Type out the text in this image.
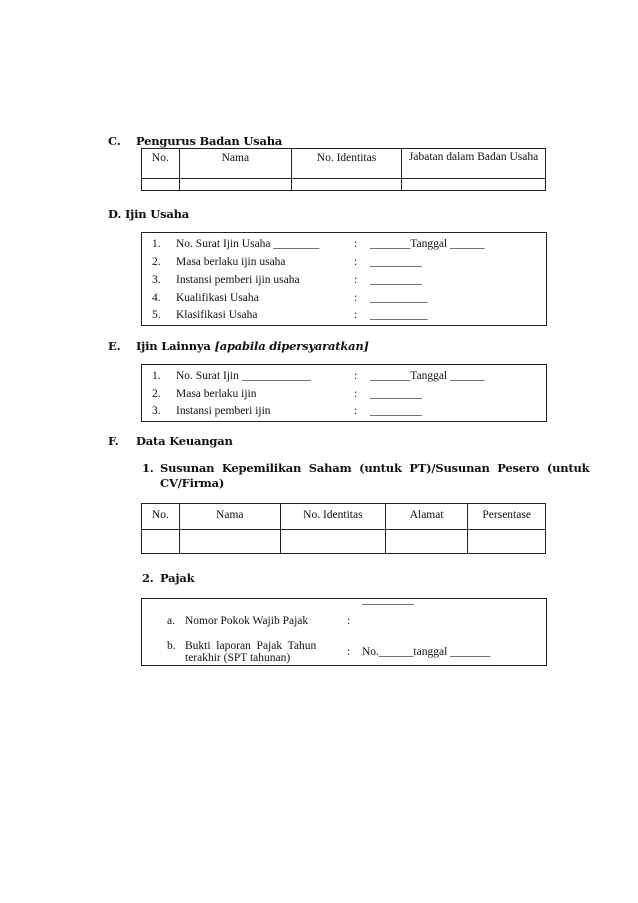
C. Pengurus Badan Usaha
No.	Nama	No. Identitas	Jabatan dalam Badan Usaha

D. Ijin Usaha
1. No. Surat Ijin Usaha ________	: _______Tanggal ______
2. Masa berlaku ijin usaha	: _________
3. Instansi pemberi ijin usaha	: _________
4. Kualifikasi Usaha	: __________
5. Klasifikasi Usaha	: __________
E. Ijin Lainnya [apabila dipersyaratkan]
1. No. Surat Ijin ____________	: _______Tanggal ______
2. Masa berlaku ijin	: _________
3. Instansi pemberi ijin	: _________
F. Data Keuangan
1. Susunan  Kepemilikan  Saham  (untuk  PT)/Susunan  Pesero  (untuk
CV/Firma)
No.	Nama	No. Identitas	Alamat	Persentase

2. Pajak
a. Nomor Pokok Wajib Pajak	:
_________
b. Bukti  laporan  Pajak  Tahun
terakhir (SPT tahunan)	: No.______tanggal _______
